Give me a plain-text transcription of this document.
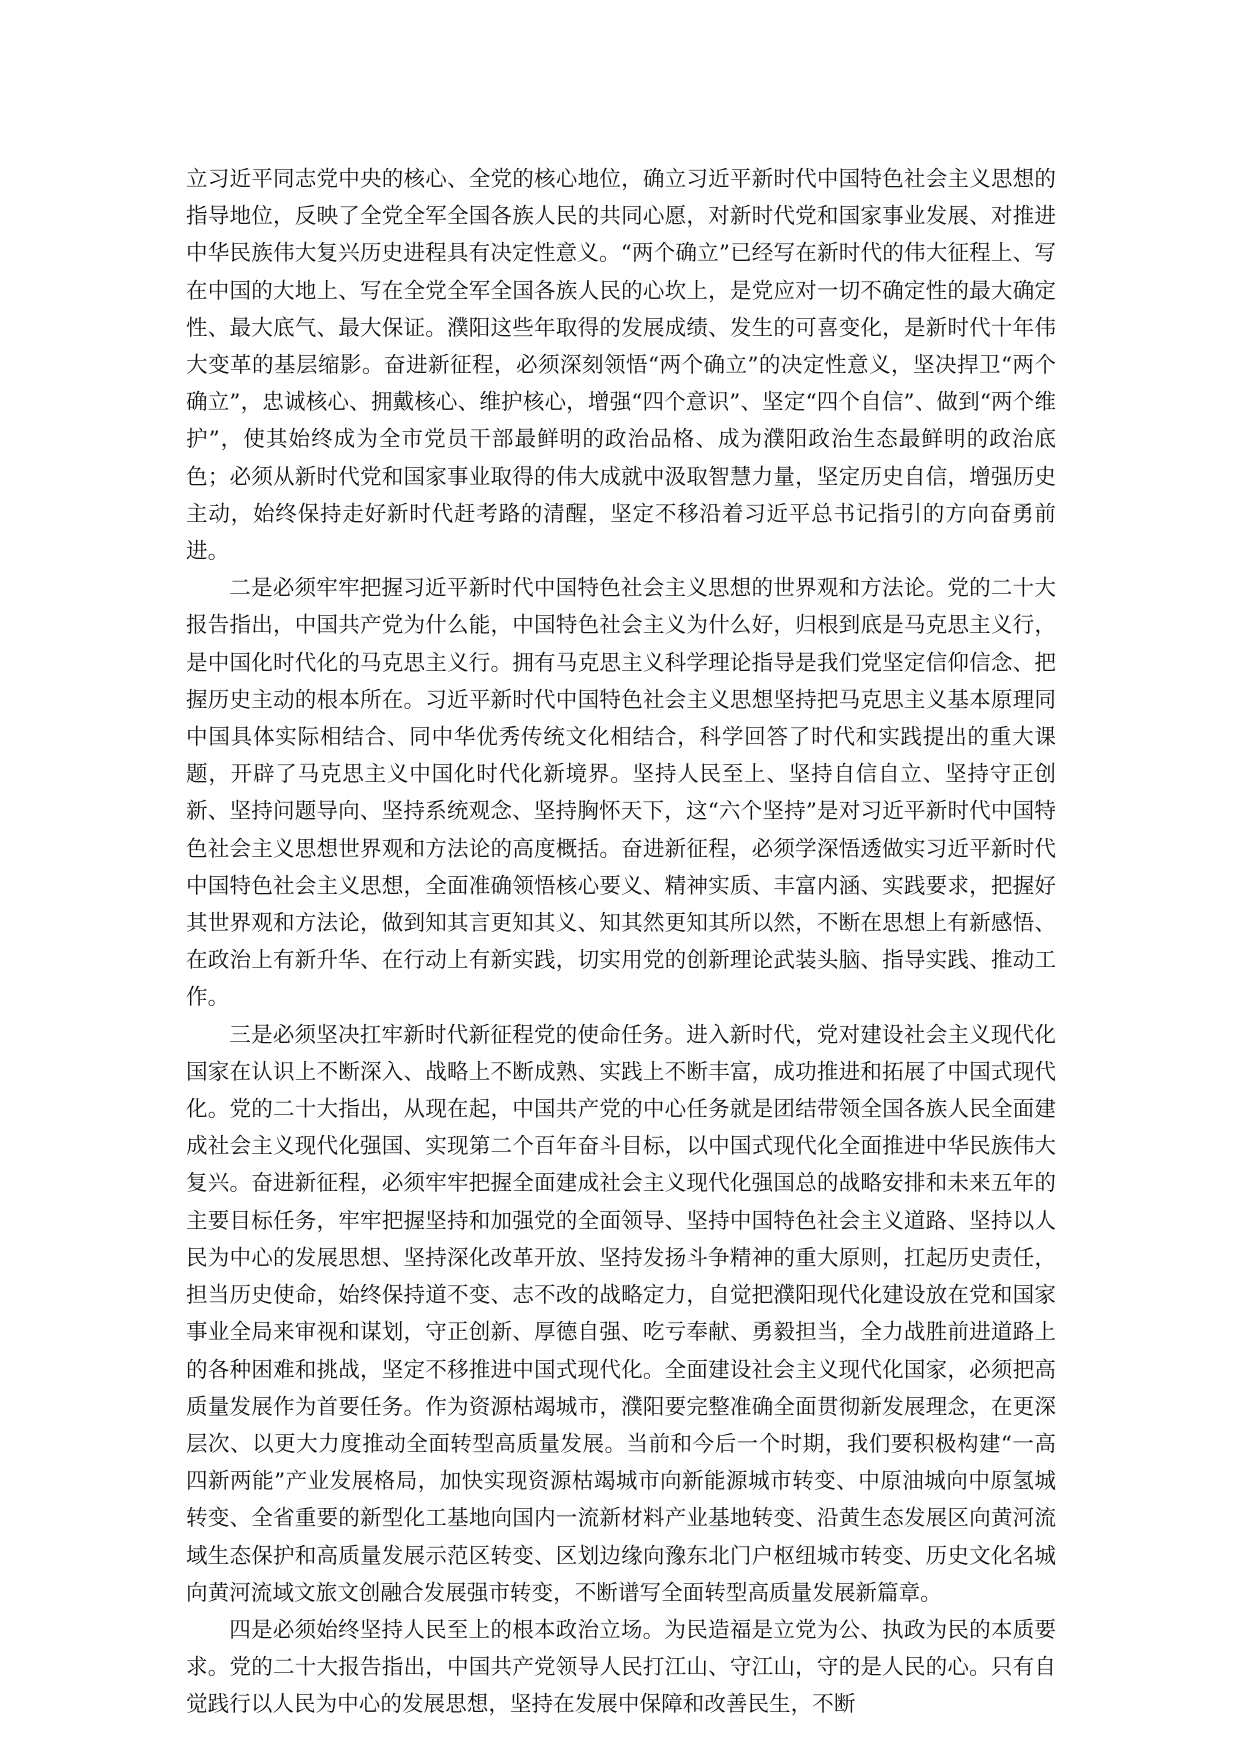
立习近平同志党中央的核心、全党的核心地位，确立习近平新时代中国特色社会主义思想的指导地位，反映了全党全军全国各族人民的共同心愿，对新时代党和国家事业发展、对推进中华民族伟大复兴历史进程具有决定性意义。“两个确立”已经写在新时代的伟大征程上、写在中国的大地上、写在全党全军全国各族人民的心坎上，是党应对一切不确定性的最大确定性、最大底气、最大保证。濮阳这些年取得的发展成绩、发生的可喜变化，是新时代十年伟大变革的基层缩影。奋进新征程，必须深刻领悟“两个确立”的决定性意义，坚决捍卫“两个确立”，忠诚核心、拥戴核心、维护核心，增强“四个意识”、坚定“四个自信”、做到“两个维护”，使其始终成为全市党员干部最鲜明的政治品格、成为濮阳政治生态最鲜明的政治底色；必须从新时代党和国家事业取得的伟大成就中汲取智慧力量，坚定历史自信，增强历史主动，始终保持走好新时代赶考路的清醒，坚定不移沿着习近平总书记指引的方向奋勇前进。

二是必须牢牢把握习近平新时代中国特色社会主义思想的世界观和方法论。党的二十大报告指出，中国共产党为什么能，中国特色社会主义为什么好，归根到底是马克思主义行，是中国化时代化的马克思主义行。拥有马克思主义科学理论指导是我们党坚定信仰信念、把握历史主动的根本所在。习近平新时代中国特色社会主义思想坚持把马克思主义基本原理同中国具体实际相结合、同中华优秀传统文化相结合，科学回答了时代和实践提出的重大课题，开辟了马克思主义中国化时代化新境界。坚持人民至上、坚持自信自立、坚持守正创新、坚持问题导向、坚持系统观念、坚持胸怀天下，这“六个坚持”是对习近平新时代中国特色社会主义思想世界观和方法论的高度概括。奋进新征程，必须学深悟透做实习近平新时代中国特色社会主义思想，全面准确领悟核心要义、精神实质、丰富内涵、实践要求，把握好其世界观和方法论，做到知其言更知其义、知其然更知其所以然，不断在思想上有新感悟、在政治上有新升华、在行动上有新实践，切实用党的创新理论武装头脑、指导实践、推动工作。

三是必须坚决扛牢新时代新征程党的使命任务。进入新时代，党对建设社会主义现代化国家在认识上不断深入、战略上不断成熟、实践上不断丰富，成功推进和拓展了中国式现代化。党的二十大指出，从现在起，中国共产党的中心任务就是团结带领全国各族人民全面建成社会主义现代化强国、实现第二个百年奋斗目标，以中国式现代化全面推进中华民族伟大复兴。奋进新征程，必须牢牢把握全面建成社会主义现代化强国总的战略安排和未来五年的主要目标任务，牢牢把握坚持和加强党的全面领导、坚持中国特色社会主义道路、坚持以人民为中心的发展思想、坚持深化改革开放、坚持发扬斗争精神的重大原则，扛起历史责任，担当历史使命，始终保持道不变、志不改的战略定力，自觉把濮阳现代化建设放在党和国家事业全局来审视和谋划，守正创新、厚德自强、吃亏奉献、勇毅担当，全力战胜前进道路上的各种困难和挑战，坚定不移推进中国式现代化。全面建设社会主义现代化国家，必须把高质量发展作为首要任务。作为资源枯竭城市，濮阳要完整准确全面贯彻新发展理念，在更深层次、以更大力度推动全面转型高质量发展。当前和今后一个时期，我们要积极构建“一高四新两能”产业发展格局，加快实现资源枯竭城市向新能源城市转变、中原油城向中原氢城转变、全省重要的新型化工基地向国内一流新材料产业基地转变、沿黄生态发展区向黄河流域生态保护和高质量发展示范区转变、区划边缘向豫东北门户枢纽城市转变、历史文化名城向黄河流域文旅文创融合发展强市转变，不断谱写全面转型高质量发展新篇章。

四是必须始终坚持人民至上的根本政治立场。为民造福是立党为公、执政为民的本质要求。党的二十大报告指出，中国共产党领导人民打江山、守江山，守的是人民的心。只有自觉践行以人民为中心的发展思想，坚持在发展中保障和改善民生，不断
